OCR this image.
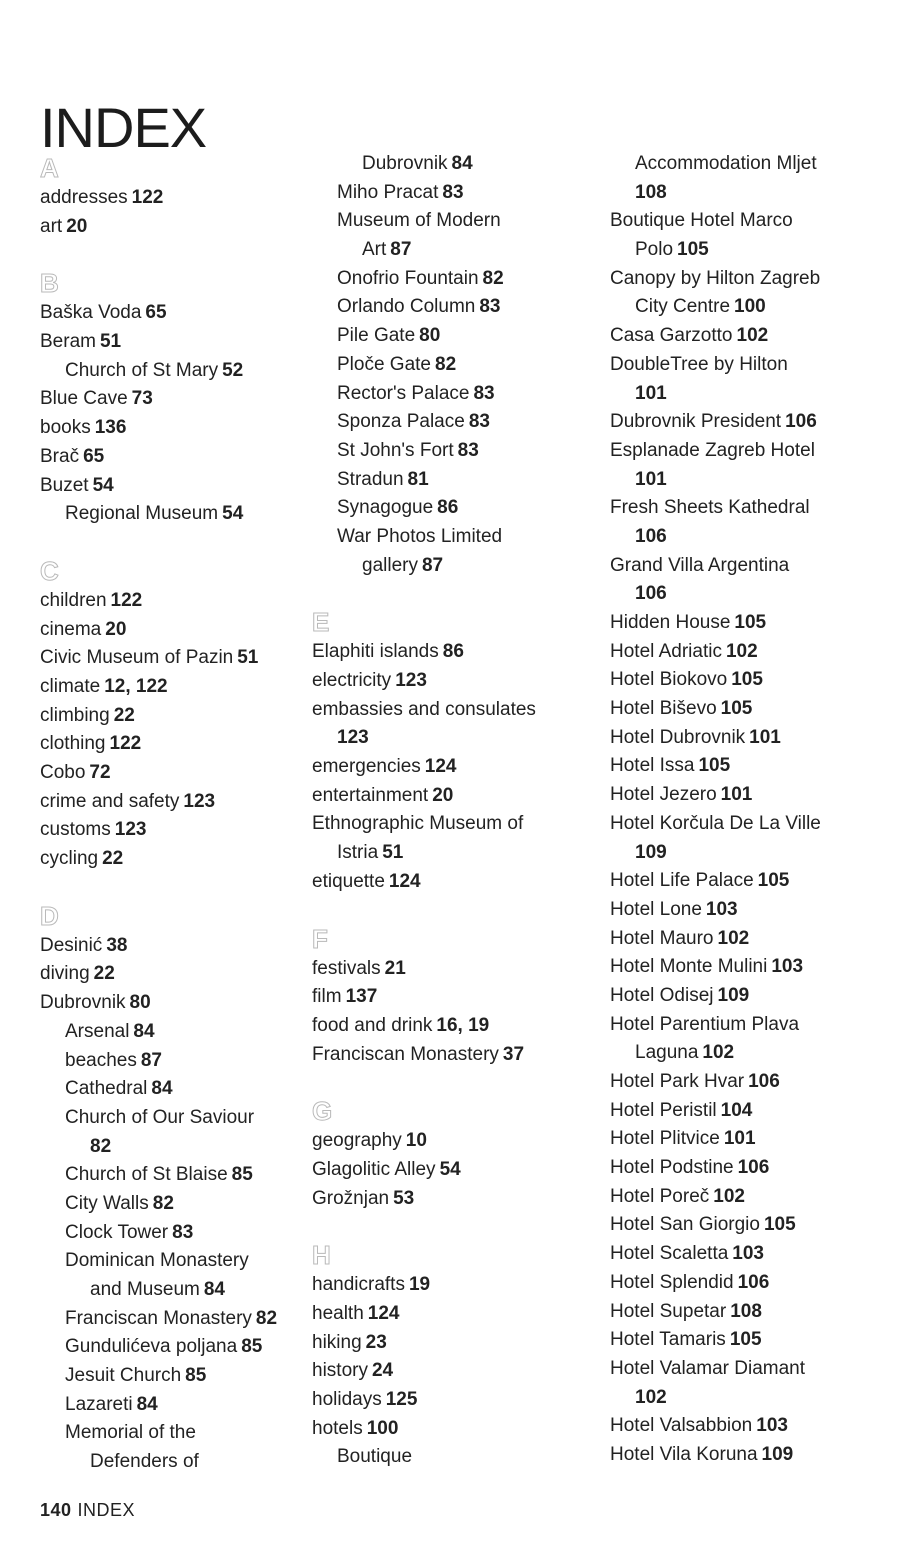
INDEX
A
addresses 122
art 20
B
Baška Voda 65
Beram 51
Church of St Mary 52
Blue Cave 73
books 136
Brač 65
Buzet 54
Regional Museum 54
C
children 122
cinema 20
Civic Museum of Pazin 51
climate 12, 122
climbing 22
clothing 122
Cobo 72
crime and safety 123
customs 123
cycling 22
D
Desinić 38
diving 22
Dubrovnik 80
Arsenal 84
beaches 87
Cathedral 84
Church of Our Saviour
82
Church of St Blaise 85
City Walls 82
Clock Tower 83
Dominican Monastery
and Museum 84
Franciscan Monastery 82
Gundulićeva poljana 85
Jesuit Church 85
Lazareti 84
Memorial of the
Defenders of
Dubrovnik 84
Miho Pracat 83
Museum of Modern
Art 87
Onofrio Fountain 82
Orlando Column 83
Pile Gate 80
Ploče Gate 82
Rector's Palace 83
Sponza Palace 83
St John's Fort 83
Stradun 81
Synagogue 86
War Photos Limited
gallery 87
E
Elaphiti islands 86
electricity 123
embassies and consulates
123
emergencies 124
entertainment 20
Ethnographic Museum of
Istria 51
etiquette 124
F
festivals 21
film 137
food and drink 16, 19
Franciscan Monastery 37
G
geography 10
Glagolitic Alley 54
Grožnjan 53
H
handicrafts 19
health 124
hiking 23
history 24
holidays 125
hotels 100
Boutique
Accommodation Mljet
108
Boutique Hotel Marco
Polo 105
Canopy by Hilton Zagreb
City Centre 100
Casa Garzotto 102
DoubleTree by Hilton
101
Dubrovnik President 106
Esplanade Zagreb Hotel
101
Fresh Sheets Kathedral
106
Grand Villa Argentina
106
Hidden House 105
Hotel Adriatic 102
Hotel Biokovo 105
Hotel Biševo 105
Hotel Dubrovnik 101
Hotel Issa 105
Hotel Jezero 101
Hotel Korčula De La Ville
109
Hotel Life Palace 105
Hotel Lone 103
Hotel Mauro 102
Hotel Monte Mulini 103
Hotel Odisej 109
Hotel Parentium Plava
Laguna 102
Hotel Park Hvar 106
Hotel Peristil 104
Hotel Plitvice 101
Hotel Podstine 106
Hotel Poreč 102
Hotel San Giorgio 105
Hotel Scaletta 103
Hotel Splendid 106
Hotel Supetar 108
Hotel Tamaris 105
Hotel Valamar Diamant
102
Hotel Valsabbion 103
Hotel Vila Koruna 109
140 INDEX
